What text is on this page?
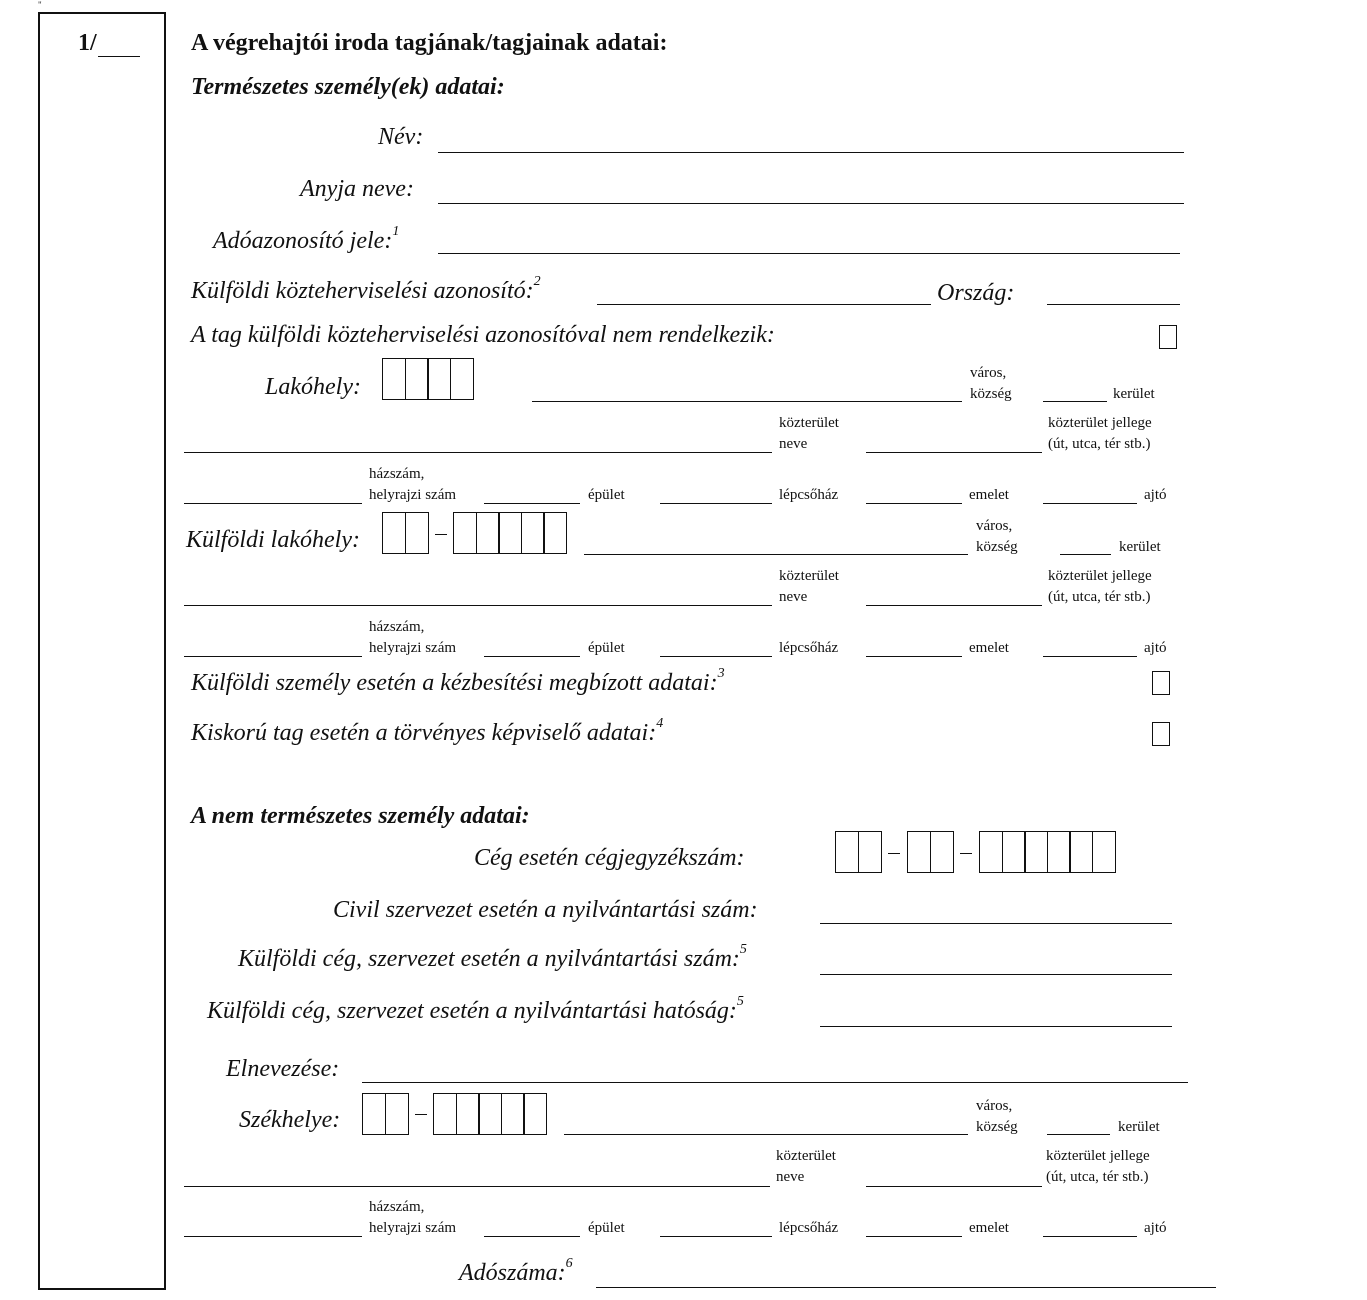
"
1/	A végrehajtói iroda tagjának/tagjainak adatai:
Természetes személy(ek) adatai:
Név:
Anyja neve:
Adóazonosító jele:$^1$
Külföldi közteherviselési azonosító:$^2$	Ország:
A tag külföldi közteherviselési azonosítóval nem rendelkezik:
Lakóhely:
város,
község	kerület
közterület
neve
közterület jellege
(út, utca, tér stb.)
házszám,
helyrajzi szám	épület	lépcsőház	emelet	ajtó
Külföldi lakóhely:
város,
község	kerület
közterület
neve
közterület jellege
(út, utca, tér stb.)
házszám,
helyrajzi szám	épület	lépcsőház	emelet	ajtó
Külföldi személy esetén a kézbesítési megbízott adatai:$^3$
Kiskorú tag esetén a törvényes képviselő adatai:$^4$
A nem természetes személy adatai:
Cég esetén cégjegyzékszám:
Civil szervezet esetén a nyilvántartási szám:
Külföldi cég, szervezet esetén a nyilvántartási szám:$^5$
Külföldi cég, szervezet esetén a nyilvántartási hatóság:$^5$
Elnevezése:
Székhelye:
város,
község	kerület
közterület
neve
közterület jellege
(út, utca, tér stb.)
házszám,
helyrajzi szám	épület	lépcsőház	emelet	ajtó
Adószáma:$^6$
